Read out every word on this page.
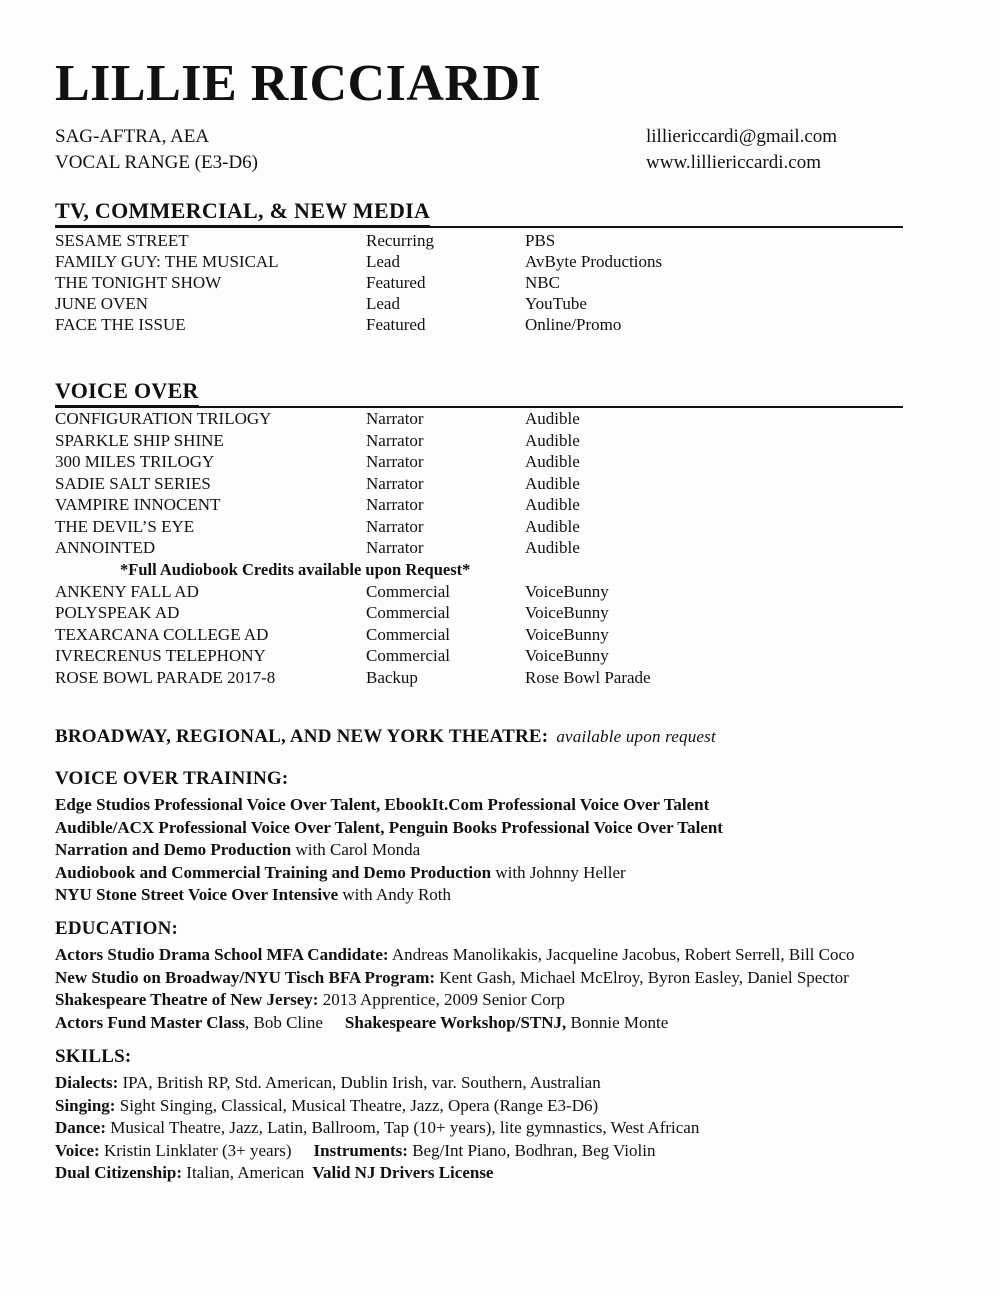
LILLIE RICCIARDI
SAG-AFTRA, AEA
VOCAL RANGE (E3-D6)
lilliericcardi@gmail.com
www.lilliericcardi.com
TV, COMMERCIAL, & NEW MEDIA
SESAME STREET	Recurring	PBS
FAMILY GUY: THE MUSICAL	Lead	AvByte Productions
THE TONIGHT SHOW	Featured	NBC
JUNE OVEN	Lead	YouTube
FACE THE ISSUE	Featured	Online/Promo
VOICE OVER
CONFIGURATION TRILOGY	Narrator	Audible
SPARKLE SHIP SHINE	Narrator	Audible
300 MILES TRILOGY	Narrator	Audible
SADIE SALT SERIES	Narrator	Audible
VAMPIRE INNOCENT	Narrator	Audible
THE DEVIL’S EYE	Narrator	Audible
ANNOINTED	Narrator	Audible
*Full Audiobook Credits available upon Request*
ANKENY FALL AD	Commercial	VoiceBunny
POLYSPEAK AD	Commercial	VoiceBunny
TEXARCANA COLLEGE AD	Commercial	VoiceBunny
IVRECRENUS TELEPHONY	Commercial	VoiceBunny
ROSE BOWL PARADE 2017-8	Backup	Rose Bowl Parade
BROADWAY, REGIONAL, AND NEW YORK THEATRE: available upon request
VOICE OVER TRAINING:
Edge Studios Professional Voice Over Talent, EbookIt.Com Professional Voice Over Talent
Audible/ACX Professional Voice Over Talent, Penguin Books Professional Voice Over Talent
Narration and Demo Production with Carol Monda
Audiobook and Commercial Training and Demo Production with Johnny Heller
NYU Stone Street Voice Over Intensive with Andy Roth
EDUCATION:
Actors Studio Drama School MFA Candidate: Andreas Manolikakis, Jacqueline Jacobus, Robert Serrell, Bill Coco
New Studio on Broadway/NYU Tisch BFA Program: Kent Gash, Michael McElroy, Byron Easley, Daniel Spector
Shakespeare Theatre of New Jersey: 2013 Apprentice, 2009 Senior Corp
Actors Fund Master Class, Bob Cline Shakespeare Workshop/STNJ, Bonnie Monte
SKILLS:
Dialects: IPA, British RP, Std. American, Dublin Irish, var. Southern, Australian
Singing: Sight Singing, Classical, Musical Theatre, Jazz, Opera (Range E3-D6)
Dance: Musical Theatre, Jazz, Latin, Ballroom, Tap (10+ years), lite gymnastics, West African
Voice: Kristin Linklater (3+ years) Instruments: Beg/Int Piano, Bodhran, Beg Violin
Dual Citizenship: Italian, American Valid NJ Drivers License
